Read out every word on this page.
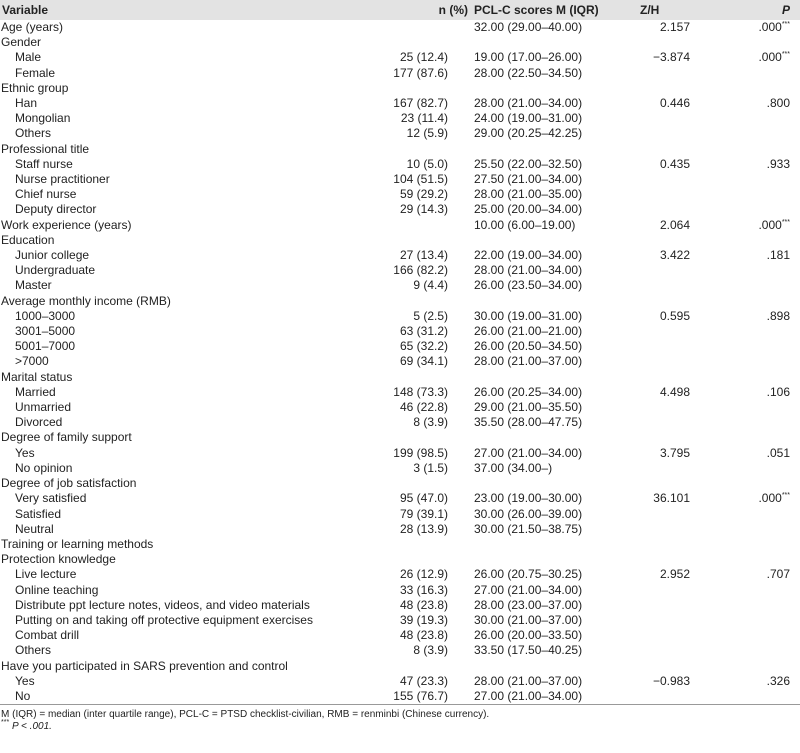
Variable	n (%)	PCL-C scores M (IQR)	Z/H	P
Age (years)		32.00 (29.00–40.00)	2.157	.000***
Gender				
Male	25 (12.4)	19.00 (17.00–26.00)	−3.874	.000***
Female	177 (87.6)	28.00 (22.50–34.50)		
Ethnic group				
Han	167 (82.7)	28.00 (21.00–34.00)	0.446	.800
Mongolian	23 (11.4)	24.00 (19.00–31.00)		
Others	12 (5.9)	29.00 (20.25–42.25)		
Professional title				
Staff nurse	10 (5.0)	25.50 (22.00–32.50)	0.435	.933
Nurse practitioner	104 (51.5)	27.50 (21.00–34.00)		
Chief nurse	59 (29.2)	28.00 (21.00–35.00)		
Deputy director	29 (14.3)	25.00 (20.00–34.00)		
Work experience (years)		10.00 (6.00–19.00)	2.064	.000***
Education				
Junior college	27 (13.4)	22.00 (19.00–34.00)	3.422	.181
Undergraduate	166 (82.2)	28.00 (21.00–34.00)		
Master	9 (4.4)	26.00 (23.50–34.00)		
Average monthly income (RMB)				
1000–3000	5 (2.5)	30.00 (19.00–31.00)	0.595	.898
3001–5000	63 (31.2)	26.00 (21.00–21.00)		
5001–7000	65 (32.2)	26.00 (20.50–34.50)		
>7000	69 (34.1)	28.00 (21.00–37.00)		
Marital status				
Married	148 (73.3)	26.00 (20.25–34.00)	4.498	.106
Unmarried	46 (22.8)	29.00 (21.00–35.50)		
Divorced	8 (3.9)	35.50 (28.00–47.75)		
Degree of family support				
Yes	199 (98.5)	27.00 (21.00–34.00)	3.795	.051
No opinion	3 (1.5)	37.00 (34.00–)		
Degree of job satisfaction				
Very satisfied	95 (47.0)	23.00 (19.00–30.00)	36.101	.000***
Satisfied	79 (39.1)	30.00 (26.00–39.00)		
Neutral	28 (13.9)	30.00 (21.50–38.75)		
Training or learning methods				
Protection knowledge				
Live lecture	26 (12.9)	26.00 (20.75–30.25)	2.952	.707
Online teaching	33 (16.3)	27.00 (21.00–34.00)		
Distribute ppt lecture notes, videos, and video materials	48 (23.8)	28.00 (23.00–37.00)		
Putting on and taking off protective equipment exercises	39 (19.3)	30.00 (21.00–37.00)		
Combat drill	48 (23.8)	26.00 (20.00–33.50)		
Others	8 (3.9)	33.50 (17.50–40.25)		
Have you participated in SARS prevention and control				
Yes	47 (23.3)	28.00 (21.00–37.00)	−0.983	.326
No	155 (76.7)	27.00 (21.00–34.00)		
M (IQR) = median (inter quartile range), PCL-C = PTSD checklist-civilian, RMB = renminbi (Chinese currency).
*** P < .001.
